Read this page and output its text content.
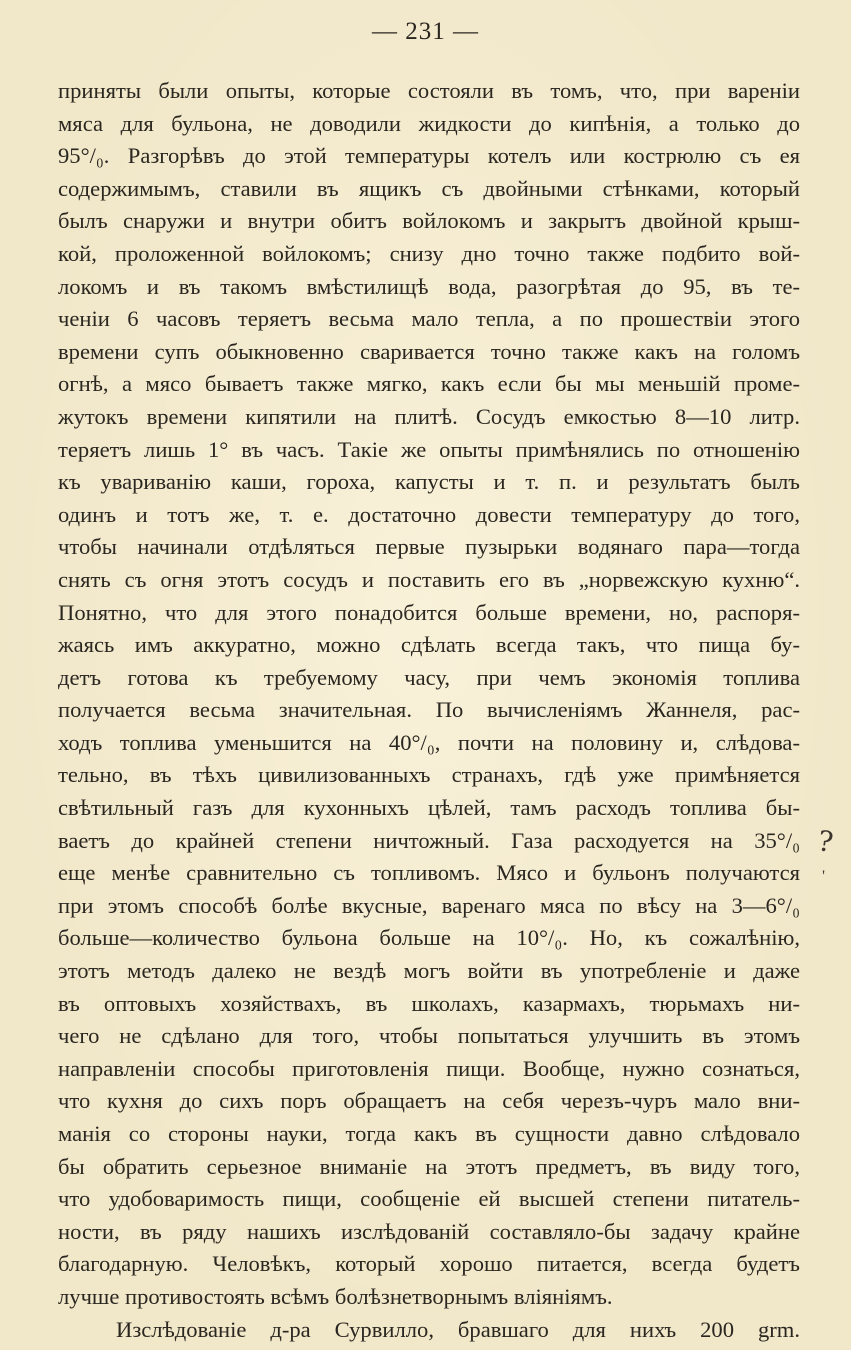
— 231 —
приняты были опыты, которые состояли въ томъ, что, при вареніи
мяса для бульона, не доводили жидкости до кипѣнія, а только до
95°/₀. Разгорѣвъ до этой температуры котелъ или кострюлю съ ея
содержимымъ, ставили въ ящикъ съ двойными стѣнками, который
былъ снаружи и внутри обитъ войлокомъ и закрытъ двойной крыш-
кой, проложенной войлокомъ; снизу дно точно также подбито вой-
локомъ и въ такомъ вмѣстилищѣ вода, разогрѣтая до 95, въ те-
ченіи 6 часовъ теряетъ весьма мало тепла, а по прошествіи этого
времени супъ обыкновенно сваривается точно также какъ на голомъ
огнѣ, а мясо бываетъ также мягко, какъ если бы мы меньшій проме-
жутокъ времени кипятили на плитѣ. Сосудъ емкостью 8—10 литр.
теряетъ лишь 1° въ часъ. Такіе же опыты примѣнялись по отношенію
къ увариванію каши, гороха, капусты и т. п. и результатъ былъ
одинъ и тотъ же, т. е. достаточно довести температуру до того,
чтобы начинали отдѣляться первые пузырьки водянаго пара—тогда
снять съ огня этотъ сосудъ и поставить его въ „норвежскую кухню“.
Понятно, что для этого понадобится больше времени, но, распоря-
жаясь имъ аккуратно, можно сдѣлать всегда такъ, что пища бу-
детъ готова къ требуемому часу, при чемъ экономія топлива
получается весьма значительная. По вычисленіямъ Жаннеля, рас-
ходъ топлива уменьшится на 40°/₀, почти на половину и, слѣдова-
тельно, въ тѣхъ цивилизованныхъ странахъ, гдѣ уже примѣняется
свѣтильный газъ для кухонныхъ цѣлей, тамъ расходъ топлива бы-
ваетъ до крайней степени ничтожный. Газа расходуется на 35°/₀
еще менѣе сравнительно съ топливомъ. Мясо и бульонъ получаются
при этомъ способѣ болѣе вкусные, варенаго мяса по вѣсу на 3—6°/₀
больше—количество бульона больше на 10°/₀. Но, къ сожалѣнію,
этотъ методъ далеко не вездѣ могъ войти въ употребленіе и даже
въ оптовыхъ хозяйствахъ, въ школахъ, казармахъ, тюрьмахъ ни-
чего не сдѣлано для того, чтобы попытаться улучшить въ этомъ
направленіи способы приготовленія пищи. Вообще, нужно сознаться,
что кухня до сихъ поръ обращаетъ на себя черезъ-чуръ мало вни-
манія со стороны науки, тогда какъ въ сущности давно слѣдовало
бы обратить серьезное вниманіе на этотъ предметъ, въ виду того,
что удобоваримость пищи, сообщеніе ей высшей степени питатель-
ности, въ ряду нашихъ изслѣдованій составляло-бы задачу крайне
благодарную. Человѣкъ, который хорошо питается, всегда будетъ
лучше противостоять всѣмъ болѣзнетворнымъ вліяніямъ.
Изслѣдованіе д-ра Сурвилло, бравшаго для нихъ 200 grm.
?
'
